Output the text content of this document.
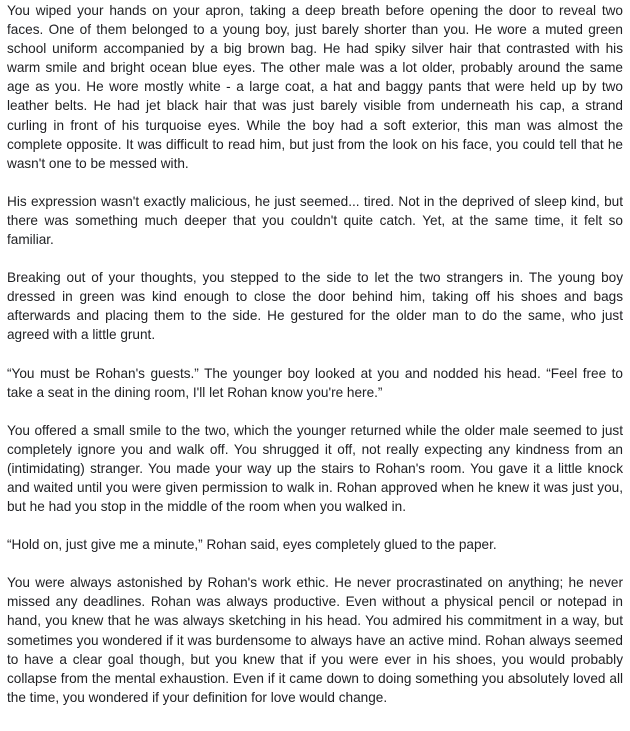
You wiped your hands on your apron, taking a deep breath before opening the door to reveal two faces. One of them belonged to a young boy, just barely shorter than you. He wore a muted green school uniform accompanied by a big brown bag. He had spiky silver hair that contrasted with his warm smile and bright ocean blue eyes. The other male was a lot older, probably around the same age as you. He wore mostly white - a large coat, a hat and baggy pants that were held up by two leather belts. He had jet black hair that was just barely visible from underneath his cap, a strand curling in front of his turquoise eyes. While the boy had a soft exterior, this man was almost the complete opposite. It was difficult to read him, but just from the look on his face, you could tell that he wasn't one to be messed with.

His expression wasn't exactly malicious, he just seemed... tired. Not in the deprived of sleep kind, but there was something much deeper that you couldn't quite catch. Yet, at the same time, it felt so familiar.

Breaking out of your thoughts, you stepped to the side to let the two strangers in. The young boy dressed in green was kind enough to close the door behind him, taking off his shoes and bags afterwards and placing them to the side. He gestured for the older man to do the same, who just agreed with a little grunt.

“You must be Rohan's guests.” The younger boy looked at you and nodded his head. “Feel free to take a seat in the dining room, I'll let Rohan know you're here.”

You offered a small smile to the two, which the younger returned while the older male seemed to just completely ignore you and walk off. You shrugged it off, not really expecting any kindness from an (intimidating) stranger. You made your way up the stairs to Rohan's room. You gave it a little knock and waited until you were given permission to walk in. Rohan approved when he knew it was just you, but he had you stop in the middle of the room when you walked in.

“Hold on, just give me a minute,” Rohan said, eyes completely glued to the paper.

You were always astonished by Rohan's work ethic. He never procrastinated on anything; he never missed any deadlines. Rohan was always productive. Even without a physical pencil or notepad in hand, you knew that he was always sketching in his head. You admired his commitment in a way, but sometimes you wondered if it was burdensome to always have an active mind. Rohan always seemed to have a clear goal though, but you knew that if you were ever in his shoes, you would probably collapse from the mental exhaustion. Even if it came down to doing something you absolutely loved all the time, you wondered if your definition for love would change.
